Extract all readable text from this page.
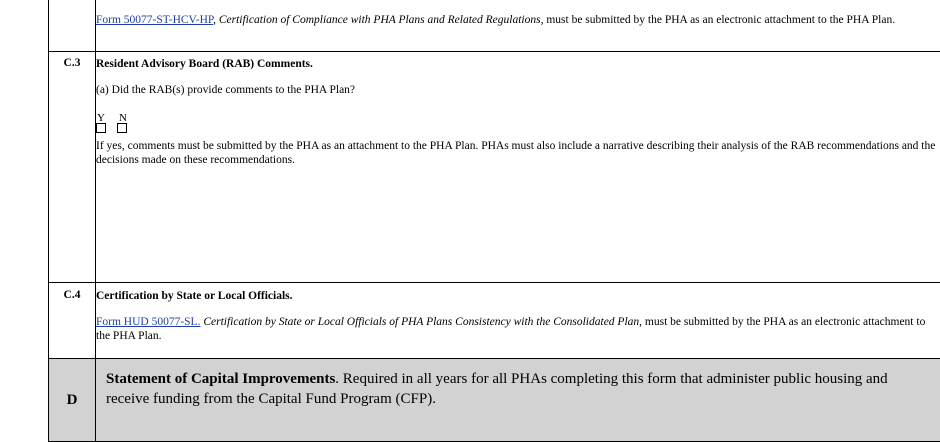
Form 50077-ST-HCV-HP, Certification of Compliance with PHA Plans and Related Regulations, must be submitted by the PHA as an electronic attachment to the PHA Plan.

C.3	Resident Advisory Board (RAB) Comments.

(a) Did the RAB(s) provide comments to the PHA Plan?

Y N

If yes, comments must be submitted by the PHA as an attachment to the PHA Plan. PHAs must also include a narrative describing their analysis of the RAB recommendations and the decisions made on these recommendations.

C.4	Certification by State or Local Officials.

Form HUD 50077-SL. Certification by State or Local Officials of PHA Plans Consistency with the Consolidated Plan, must be submitted by the PHA as an electronic attachment to the PHA Plan.

D	Statement of Capital Improvements. Required in all years for all PHAs completing this form that administer public housing and receive funding from the Capital Fund Program (CFP).
